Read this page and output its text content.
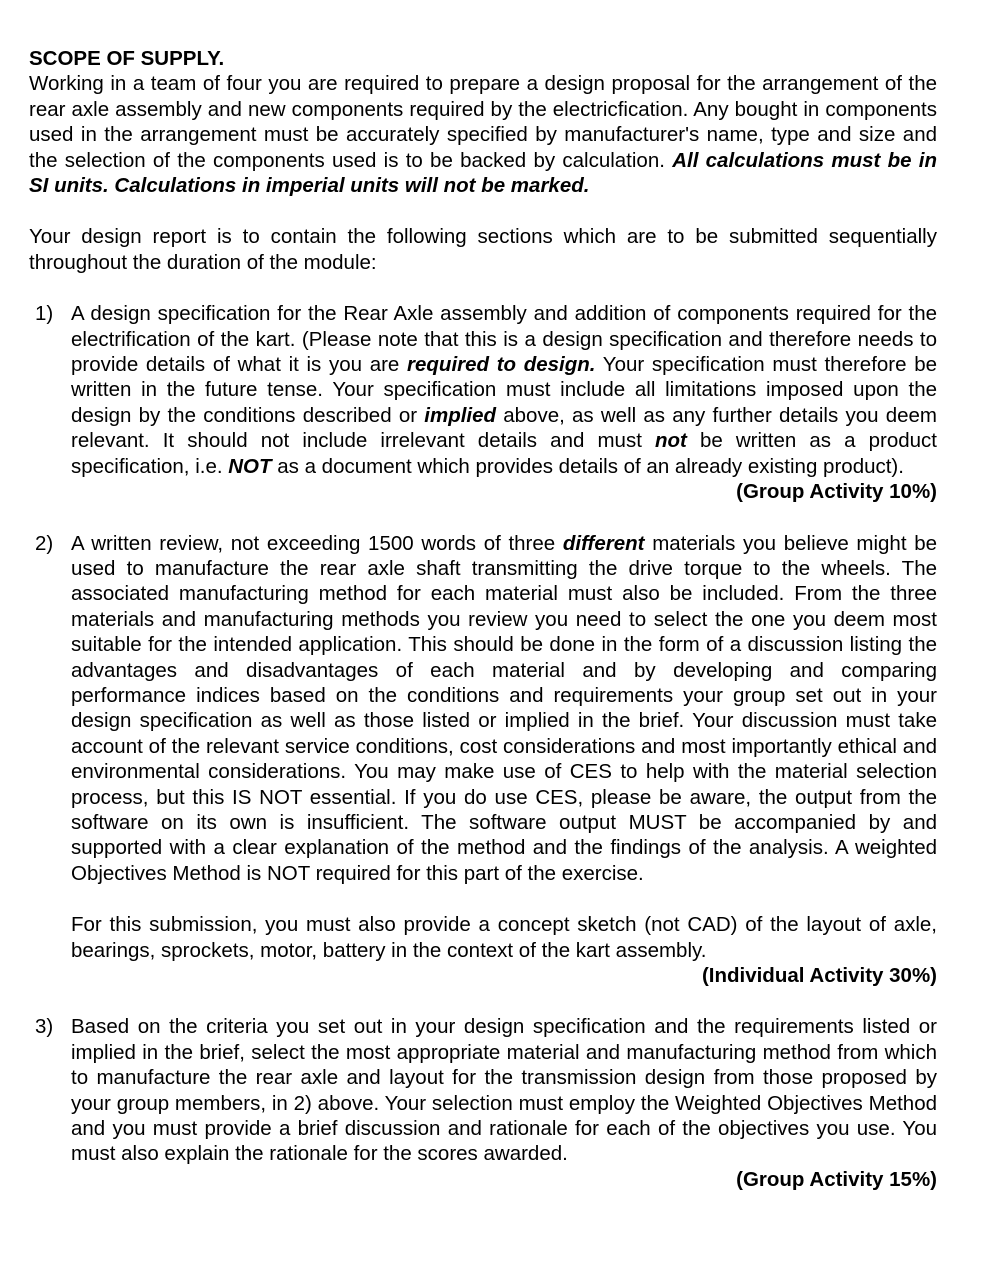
SCOPE OF SUPPLY.

Working in a team of four you are required to prepare a design proposal for the arrangement of the rear axle assembly and new components required by the electricfication. Any bought in components used in the arrangement must be accurately specified by manufacturer's name, type and size and the selection of the components used is to be backed by calculation. All calculations must be in SI units. Calculations in imperial units will not be marked.

Your design report is to contain the following sections which are to be submitted sequentially throughout the duration of the module:

1) A design specification for the Rear Axle assembly and addition of components required for the electrification of the kart. (Please note that this is a design specification and therefore needs to provide details of what it is you are required to design. Your specification must therefore be written in the future tense. Your specification must include all limitations imposed upon the design by the conditions described or implied above, as well as any further details you deem relevant. It should not include irrelevant details and must not be written as a product specification, i.e. NOT as a document which provides details of an already existing product).

(Group Activity 10%)
2) A written review, not exceeding 1500 words of three different materials you believe might be used to manufacture the rear axle shaft transmitting the drive torque to the wheels. The associated manufacturing method for each material must also be included. From the three materials and manufacturing methods you review you need to select the one you deem most suitable for the intended application. This should be done in the form of a discussion listing the advantages and disadvantages of each material and by developing and comparing performance indices based on the conditions and requirements your group set out in your design specification as well as those listed or implied in the brief. Your discussion must take account of the relevant service conditions, cost considerations and most importantly ethical and environmental considerations. You may make use of CES to help with the material selection process, but this IS NOT essential. If you do use CES, please be aware, the output from the software on its own is insufficient. The software output MUST be accompanied by and supported with a clear explanation of the method and the findings of the analysis. A weighted Objectives Method is NOT required for this part of the exercise.

For this submission, you must also provide a concept sketch (not CAD) of the layout of axle, bearings, sprockets, motor, battery in the context of the kart assembly.

(Individual Activity 30%)
3) Based on the criteria you set out in your design specification and the requirements listed or implied in the brief, select the most appropriate material and manufacturing method from which to manufacture the rear axle and layout for the transmission design from those proposed by your group members, in 2) above. Your selection must employ the Weighted Objectives Method and you must provide a brief discussion and rationale for each of the objectives you use. You must also explain the rationale for the scores awarded.

(Group Activity 15%)
